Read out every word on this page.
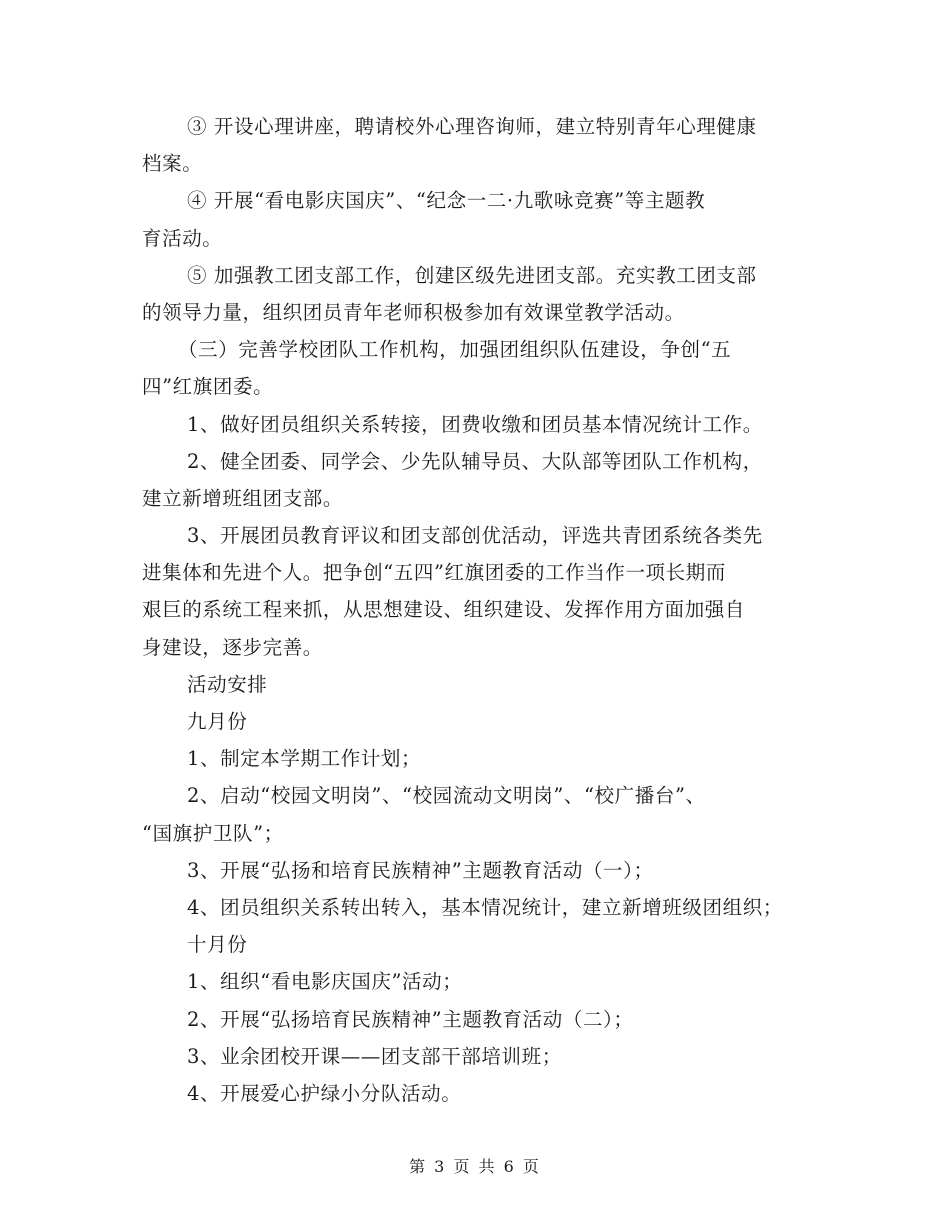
③ 开设心理讲座，聘请校外心理咨询师，建立特别青年心理健康
档案。
④ 开展“看电影庆国庆”、“纪念一二·九歌咏竞赛”等主题教
育活动。
⑤ 加强教工团支部工作，创建区级先进团支部。充实教工团支部
的领导力量，组织团员青年老师积极参加有效课堂教学活动。
（三）完善学校团队工作机构，加强团组织队伍建设，争创“五
四”红旗团委。
1、做好团员组织关系转接，团费收缴和团员基本情况统计工作。
2、健全团委、同学会、少先队辅导员、大队部等团队工作机构，
建立新增班组团支部。
3、开展团员教育评议和团支部创优活动，评选共青团系统各类先
进集体和先进个人。把争创“五四”红旗团委的工作当作一项长期而
艰巨的系统工程来抓，从思想建设、组织建设、发挥作用方面加强自
身建设，逐步完善。
活动安排
九月份
1、制定本学期工作计划；
2、启动“校园文明岗”、“校园流动文明岗”、“校广播台”、
“国旗护卫队”；
3、开展“弘扬和培育民族精神”主题教育活动（一）；
4、团员组织关系转出转入，基本情况统计，建立新增班级团组织；
十月份
1、组织“看电影庆国庆”活动；
2、开展“弘扬培育民族精神”主题教育活动（二）；
3、业余团校开课——团支部干部培训班；
4、开展爱心护绿小分队活动。
第 3 页 共 6 页
